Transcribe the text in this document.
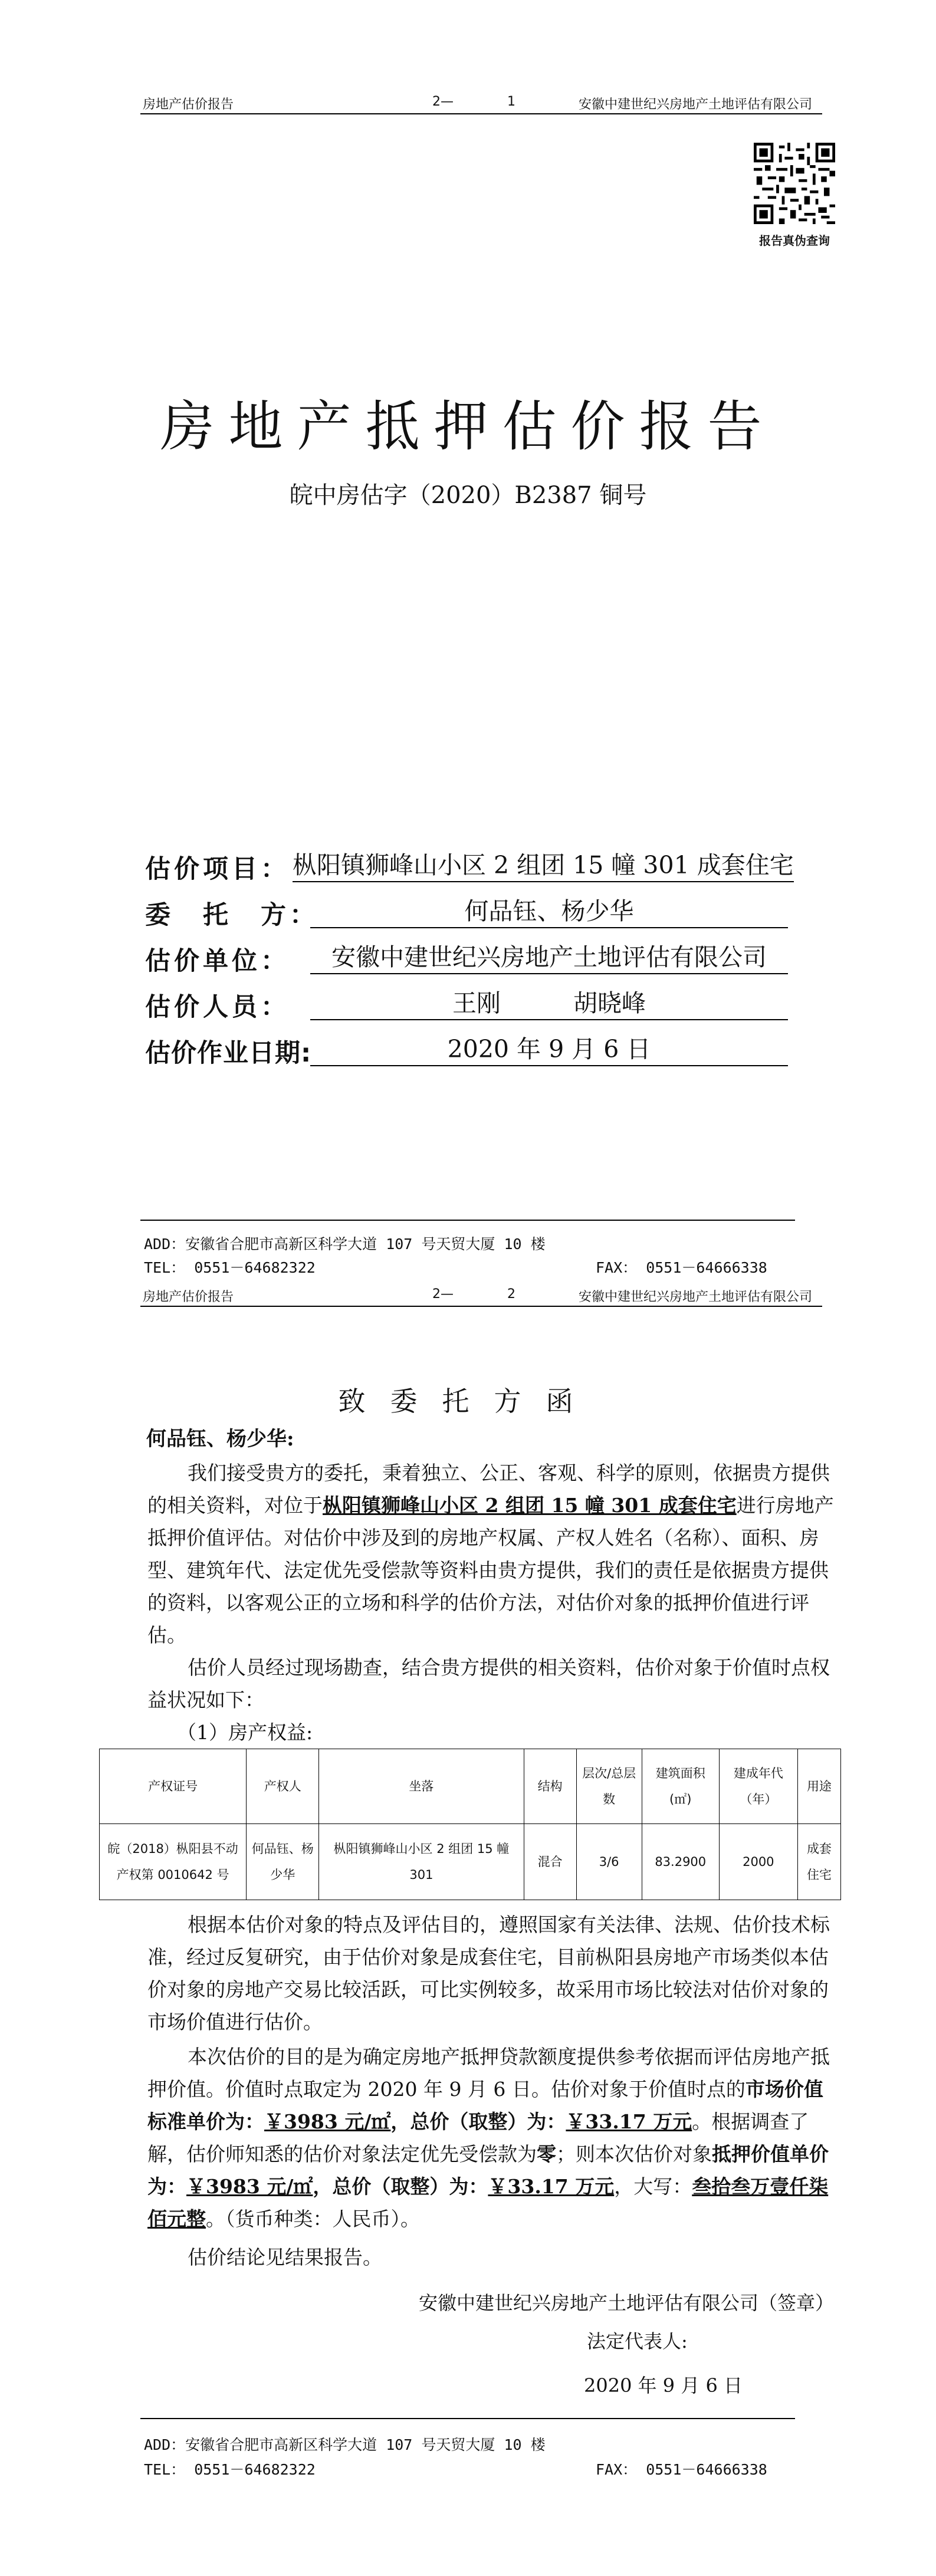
房地产估价报告	2—	1	安徽中建世纪兴房地产土地评估有限公司
报告真伪查询
房地产抵押估价报告
皖中房估字（2020）B2387 铜号
估价项目： 枞阳镇狮峰山小区 2 组团 15 幢 301 成套住宅
委　托　方：	何品钰、杨少华
估价单位：	安徽中建世纪兴房地产土地评估有限公司
估价人员：	王刚　　　胡晓峰
估价作业日期:	2020 年 9 月 6 日
ADD：安徽省合肥市高新区科学大道 107 号天贸大厦 10 楼
TEL： 0551－64682322	FAX： 0551－64666338
房地产估价报告	2—	2	安徽中建世纪兴房地产土地评估有限公司
致委托方函
何品钰、杨少华:
我们接受贵方的委托，秉着独立、公正、客观、科学的原则，依据贵方提供的相关资料，对位于枞阳镇狮峰山小区 2 组团 15 幢 301 成套住宅进行房地产抵押价值评估。对估价中涉及到的房地产权属、产权人姓名（名称）、面积、房型、建筑年代、法定优先受偿款等资料由贵方提供，我们的责任是依据贵方提供的资料，以客观公正的立场和科学的估价方法，对估价对象的抵押价值进行评估。
估价人员经过现场勘查，结合贵方提供的相关资料，估价对象于价值时点权益状况如下：
（1）房产权益:
产权证号	产权人	坐落	结构	层次/总层数	建筑面积(㎡)	建成年代（年）	用途
皖（2018）枞阳县不动产权第 0010642 号	何品钰、杨少华	枞阳镇狮峰山小区 2 组团 15 幢 301	混合	3/6	83.2900	2000	成套住宅
根据本估价对象的特点及评估目的，遵照国家有关法律、法规、估价技术标准，经过反复研究，由于估价对象是成套住宅，目前枞阳县房地产市场类似本估价对象的房地产交易比较活跃，可比实例较多，故采用市场比较法对估价对象的市场价值进行估价。
本次估价的目的是为确定房地产抵押贷款额度提供参考依据而评估房地产抵押价值。价值时点取定为 2020 年 9 月 6 日。估价对象于价值时点的市场价值标准单价为：￥3983 元/㎡，总价（取整）为：￥33.17 万元。根据调查了解，估价师知悉的估价对象法定优先受偿款为零；则本次估价对象抵押价值单价为：￥3983 元/㎡，总价（取整）为：￥33.17 万元，大写：叁拾叁万壹仟柒佰元整。（货币种类：人民币）。
估价结论见结果报告。
安徽中建世纪兴房地产土地评估有限公司（签章）
法定代表人:
2020 年 9 月 6 日
ADD：安徽省合肥市高新区科学大道 107 号天贸大厦 10 楼
TEL： 0551－64682322	FAX： 0551－64666338
